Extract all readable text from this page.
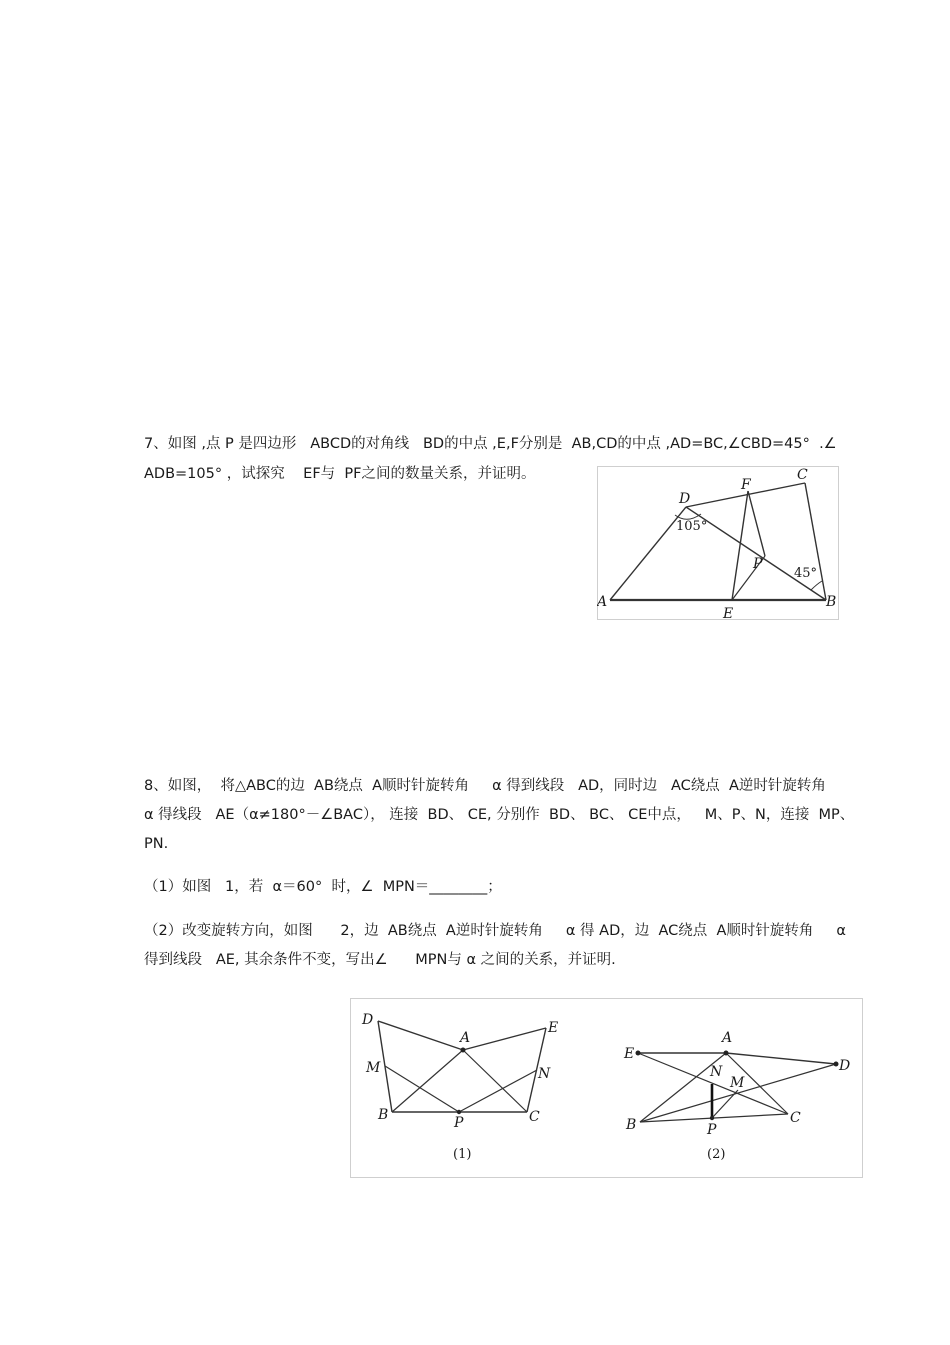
7、如图 ,点 P 是四边形   ABCD的对角线   BD的中点 ,E,F分别是  AB,CD的中点 ,AD=BC,∠CBD=45°  .∠
ADB=105° ，试探究    EF与  PF之间的数量关系，并证明。
A	B
C
D
E
F
P
105°
45°
8、如图，  将△ABC的边  AB绕点  A顺时针旋转角     α 得到线段   AD，同时边   AC绕点  A逆时针旋转角
α 得线段   AE（α≠180°－∠BAC）， 连接  BD、 CE, 分别作  BD、 BC、 CE中点，   M、P、N，连接  MP、
PN.
（1）如图   1，若  α＝60°  时，∠  MPN＝________；
（2）改变旋转方向，如图      2，边  AB绕点  A逆时针旋转角     α 得 AD，边  AC绕点  A顺时针旋转角     α
得到线段   AE, 其余条件不变，写出∠      MPN与 α 之间的关系，并证明.
D
A
E
M	N
B	P	C
(1)
E
A
D
N
M
B	P
C
(2)
